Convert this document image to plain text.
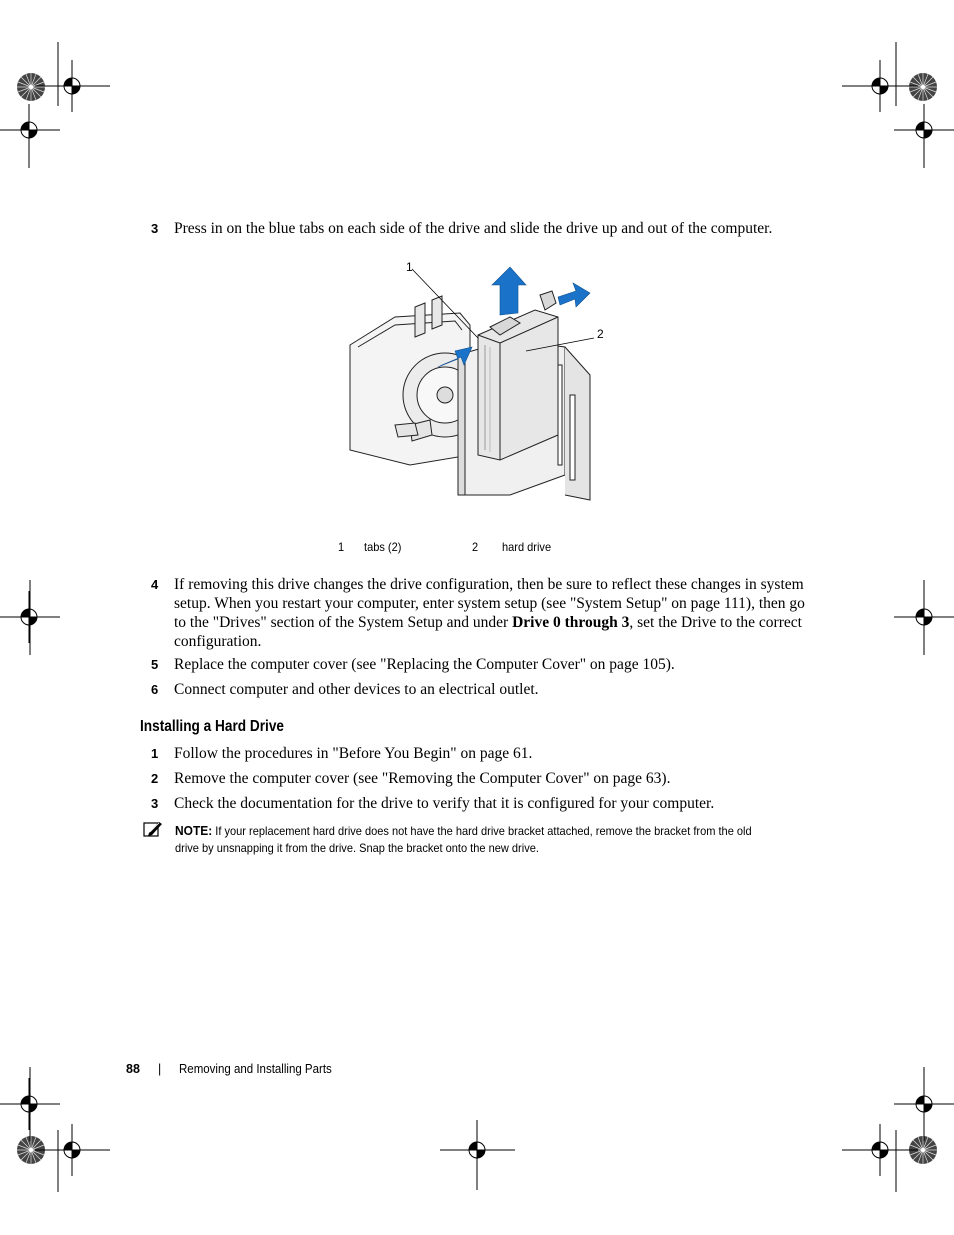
3 Press in on the blue tabs on each side of the drive and slide the drive up and out of the computer.
1
2
1 tabs (2)	2 hard drive
4 If removing this drive changes the drive configuration, then be sure to reflect these changes in system setup. When you restart your computer, enter system setup (see "System Setup" on page 111), then go to the "Drives" section of the System Setup and under Drive 0 through 3, set the Drive to the correct configuration.
5 Replace the computer cover (see "Replacing the Computer Cover" on page 105).
6 Connect computer and other devices to an electrical outlet.
Installing a Hard Drive
1 Follow the procedures in "Before You Begin" on page 61.
2 Remove the computer cover (see "Removing the Computer Cover" on page 63).
3 Check the documentation for the drive to verify that it is configured for your computer.
NOTE: If your replacement hard drive does not have the hard drive bracket attached, remove the bracket from the old drive by unsnapping it from the drive. Snap the bracket onto the new drive.
88 | Removing and Installing Parts
